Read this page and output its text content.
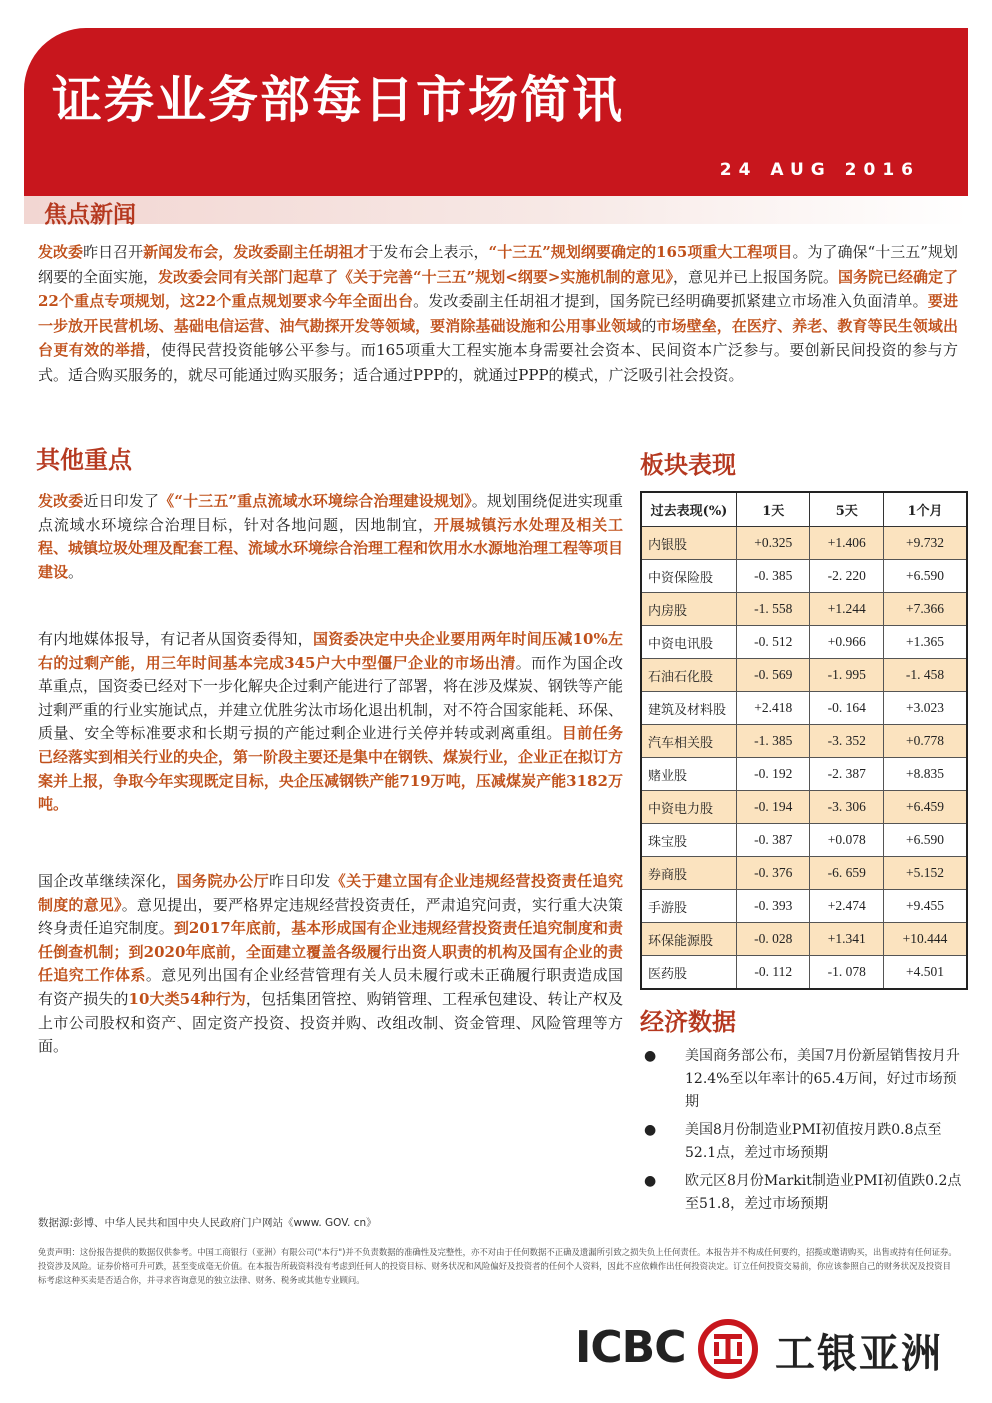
证券业务部每日市场简讯
24 AUG 2016
焦点新闻
发改委昨日召开新闻发布会，发改委副主任胡祖才于发布会上表示，“十三五”规划纲要确定的165项重大工程项目。为了确保“十三五”规划纲要的全面实施，发改委会同有关部门起草了《关于完善“十三五”规划<纲要>实施机制的意见》，意见并已上报国务院。国务院已经确定了22个重点专项规划，这22个重点规划要求今年全面出台。发改委副主任胡祖才提到，国务院已经明确要抓紧建立市场准入负面清单。要进一步放开民营机场、基础电信运营、油气勘探开发等领域，要消除基础设施和公用事业领域的市场壁垒，在医疗、养老、教育等民生领域出台更有效的举措，使得民营投资能够公平参与。而165项重大工程实施本身需要社会资本、民间资本广泛参与。要创新民间投资的参与方式。适合购买服务的，就尽可能通过购买服务；适合通过PPP的，就通过PPP的模式，广泛吸引社会投资。
其他重点
发改委近日印发了《“十三五”重点流域水环境综合治理建设规划》。规划围绕促进实现重点流域水环境综合治理目标，针对各地问题，因地制宜，开展城镇污水处理及相关工程、城镇垃圾处理及配套工程、流域水环境综合治理工程和饮用水水源地治理工程等项目建设。
有内地媒体报导，有记者从国资委得知，国资委决定中央企业要用两年时间压减10%左右的过剩产能，用三年时间基本完成345户大中型僵尸企业的市场出清。而作为国企改革重点，国资委已经对下一步化解央企过剩产能进行了部署，将在涉及煤炭、钢铁等产能过剩严重的行业实施试点，并建立优胜劣汰市场化退出机制，对不符合国家能耗、环保、质量、安全等标准要求和长期亏损的产能过剩企业进行关停并转或剥离重组。目前任务已经落实到相关行业的央企，第一阶段主要还是集中在钢铁、煤炭行业，企业正在拟订方案并上报，争取今年实现既定目标，央企压减钢铁产能719万吨，压减煤炭产能3182万吨。
国企改革继续深化，国务院办公厅昨日印发《关于建立国有企业违规经营投资责任追究制度的意见》。意见提出，要严格界定违规经营投资责任，严肃追究问责，实行重大决策终身责任追究制度。到2017年底前，基本形成国有企业违规经营投资责任追究制度和责任倒查机制；到2020年底前，全面建立覆盖各级履行出资人职责的机构及国有企业的责任追究工作体系。意见列出国有企业经营管理有关人员未履行或未正确履行职责造成国有资产损失的10大类54种行为，包括集团管控、购销管理、工程承包建设、转让产权及上市公司股权和资产、固定资产投资、投资并购、改组改制、资金管理、风险管理等方面。
板块表现
过去表现(%)	1天	5天	1个月
内银股	+0.325	+1.406	+9.732
中资保险股	-0. 385	-2. 220	+6.590
内房股	-1. 558	+1.244	+7.366
中资电讯股	-0. 512	+0.966	+1.365
石油石化股	-0. 569	-1. 995	-1. 458
建筑及材料股	+2.418	-0. 164	+3.023
汽车相关股	-1. 385	-3. 352	+0.778
赌业股	-0. 192	-2. 387	+8.835
中资电力股	-0. 194	-3. 306	+6.459
珠宝股	-0. 387	+0.078	+6.590
券商股	-0. 376	-6. 659	+5.152
手游股	-0. 393	+2.474	+9.455
环保能源股	-0. 028	+1.341	+10.444
医药股	-0. 112	-1. 078	+4.501
经济数据
● 美国商务部公布，美国7月份新屋销售按月升12.4%至以年率计的65.4万间，好过市场预期
● 美国8月份制造业PMI初值按月跌0.8点至52.1点，差过市场预期
● 欧元区8月份Markit制造业PMI初值跌0.2点至51.8，差过市场预期
数据源:彭博、中华人民共和国中央人民政府门户网站《www. GOV. cn》
免责声明：这份报告提供的数据仅供参考。中国工商银行（亚洲）有限公司("本行")并不负责数据的准确性及完整性，亦不对由于任何数据不正确及遗漏所引致之损失负上任何责任。本报告并不构成任何要约，招揽或邀请购买，出售或持有任何证券。投资涉及风险。证券价格可升可跌，甚至变成毫无价值。在本报告所载资料没有考虑到任何人的投资目标、财务状况和风险偏好及投资者的任何个人资料，因此不应依赖作出任何投资决定。订立任何投资交易前，你应该参照自己的财务状况及投资目标考虑这种买卖是否适合你，并寻求咨询意见的独立法律、财务、税务或其他专业顾问。
ICBC 工银亚洲
